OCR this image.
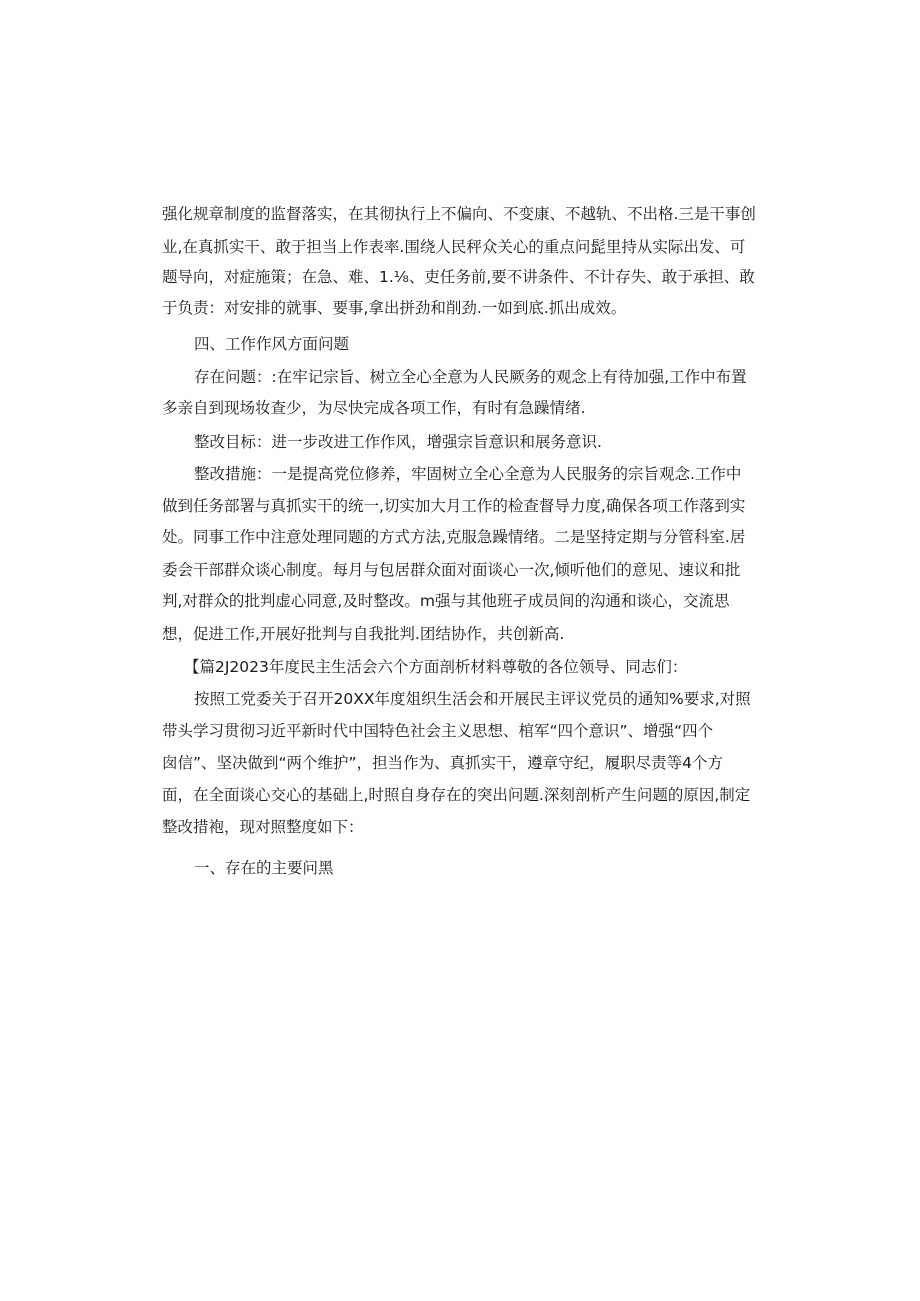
强化规章制度的监督落实，在其彻执行上不偏向、不变康、不越轨、不出格.三是干事创
业,在真抓实干、敢于担当上作表率.围绕人民秤众关心的重点问髭里持从实际出发、可
题导向，对症施策；在急、难、1.⅛、吏任务前,要不讲条件、不计存失、敢于承担、敢
于负责：对安排的就事、要事,拿出拼劲和削劲.一如到底.抓出成效。
四、工作作风方面问题
存在问题：:在牢记宗旨、树立全心全意为人民厥务的观念上有待加强,工作中布置
多亲自到现场妆查少，为尽快完成各项工作，有时有急躁情绪.
整改目标：进一步改进工作作风，增强宗旨意识和展务意识.
整改措施：一是提高党位修养，牢固树立全心全意为人民服务的宗旨观念.工作中
做到任务部署与真抓实干的统一,切实加大月工作的检查督导力度,确保各项工作落到实
处。同事工作中注意处理同题的方式方法,克服急躁情绪。二是坚持定期与分管科室.居
委会干部群众谈心制度。每月与包居群众面对面谈心一次,倾听他们的意见、速议和批
判,对群众的批判虚心同意,及时整改。m强与其他班孑成员间的沟通和谈心，交流思
想，促进工作,开展好批判与自我批判.团结协作，共创新高.
【篇2J2023年度民主生活会六个方面剖析材料尊敬的各位领导、同志们：
按照工党委关于召开20XX年度俎织生活会和开展民主评议党员的通知%要求,对照
带头学习贯彻习近平新时代中国特色社会主义思想、棺军“四个意识”、增强“四个
囱信”、坚决做到“两个维护”，担当作为、真抓实干，遵章守纪，履职尽责等4个方
面，在全面谈心交心的基础上,时照自身存在的突出问题.深刻剖析产生问题的原因,制定
整改措袍，现对照整度如下：
一、存在的主要问黑
